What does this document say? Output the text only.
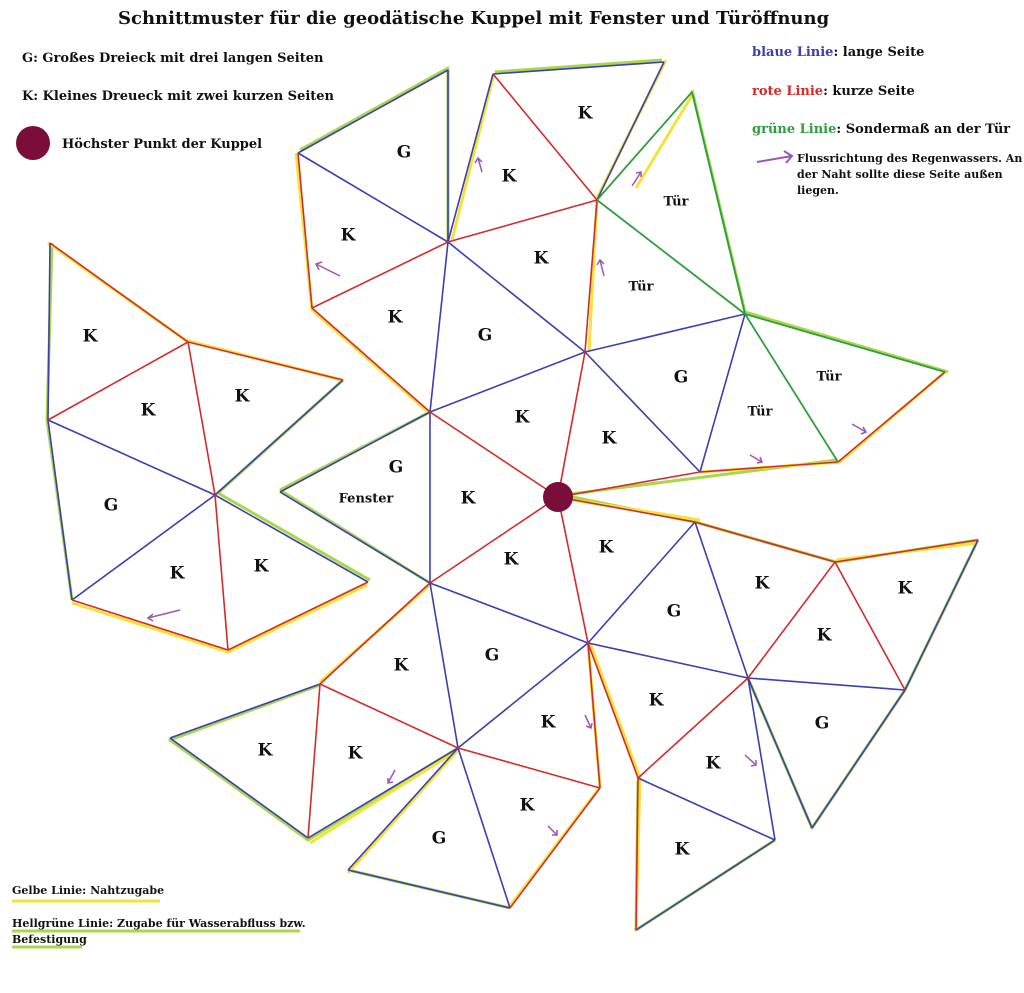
Schnittmuster für die geodätische Kuppel mit Fenster und Türöffnung
G: Großes Dreieck mit drei langen Seiten
K: Kleines Dreueck mit zwei kurzen Seiten
Höchster Punkt der Kuppel
blaue Linie: lange Seite
rote Linie: kurze Seite
grüne Linie: Sondermaß an der Tür
Flussrichtung des Regenwassers. An
der Naht sollte diese Seite außen
liegen.
Gelbe Linie: Nahtzugabe
Hellgrüne Linie: Zugabe für Wasserabfluss bzw.
Befestigung
G
K
K
K
K
K
G
K
G
K
G
K
K
K
K	K
G
K
G
K
K
K	G
K	K	K
K
G
K
K
K
K
G
K
K
Tür
Tür
Tür
Tür
Fenster
